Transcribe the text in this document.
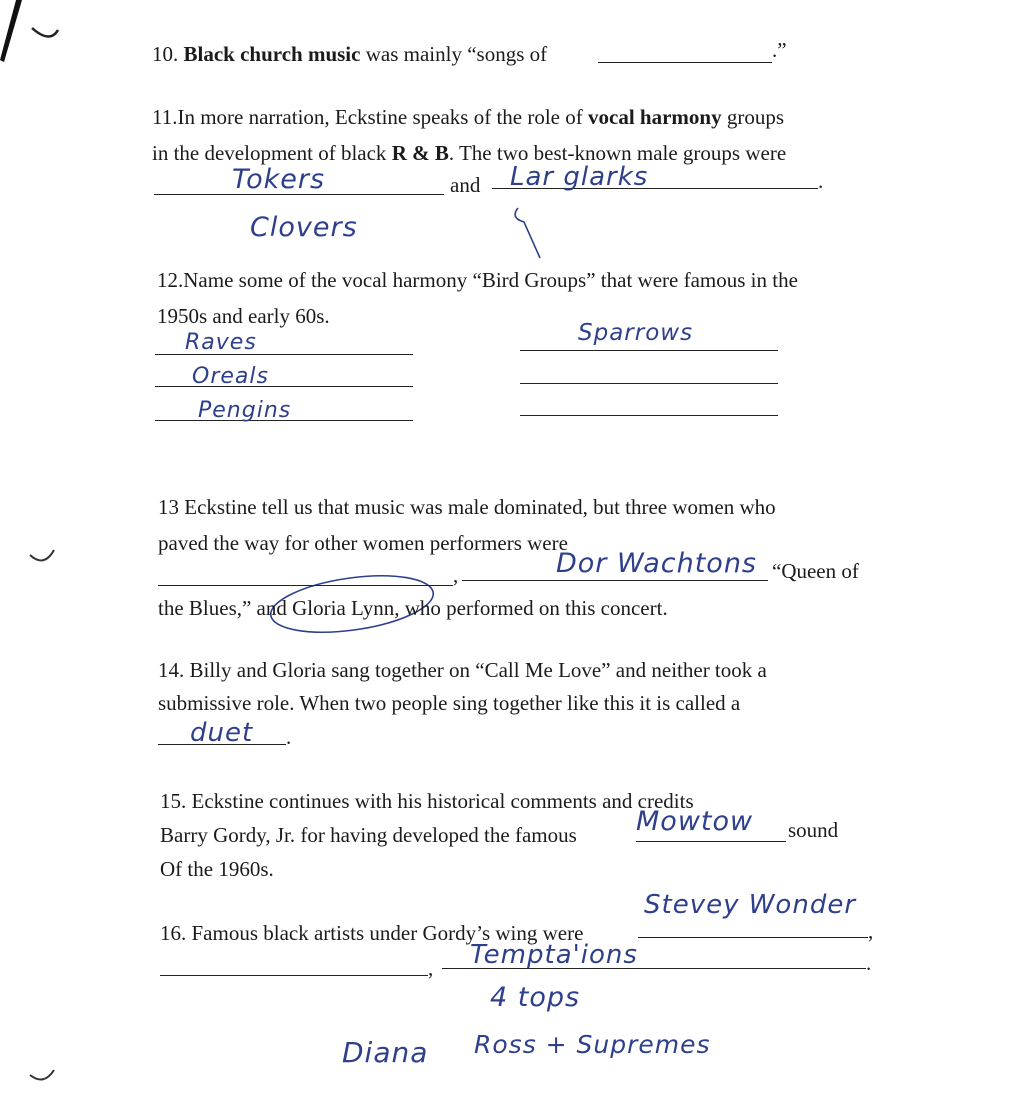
10. Black church music was mainly “songs of	.”
11.In more narration, Eckstine speaks of the role of vocal harmony groups
in the development of black R & B. The two best-known male groups were
and	.
Tokers	Lar glarks
Clovers
12.Name some of the vocal harmony “Bird Groups” that were famous in the
1950s and early 60s.
Raves	Sparrows
Oreals
Pengins
13 Eckstine tell us that music was male dominated, but three women who
paved the way for other women performers were
,	“Queen of
the Blues,” and Gloria Lynn, who performed on this concert.
Dor Wachtons
14. Billy and Gloria sang together on “Call Me Love” and neither took a
submissive role. When two people sing together like this it is called a
.
duet
15. Eckstine continues with his historical comments and credits
Barry Gordy, Jr. for having developed the famous	sound
Of the 1960s.
Mowtow
16. Famous black artists under Gordy’s wing were	,
,	.
Stevey Wonder
Tempta'ions
4 tops
Diana Ross + Supremes
